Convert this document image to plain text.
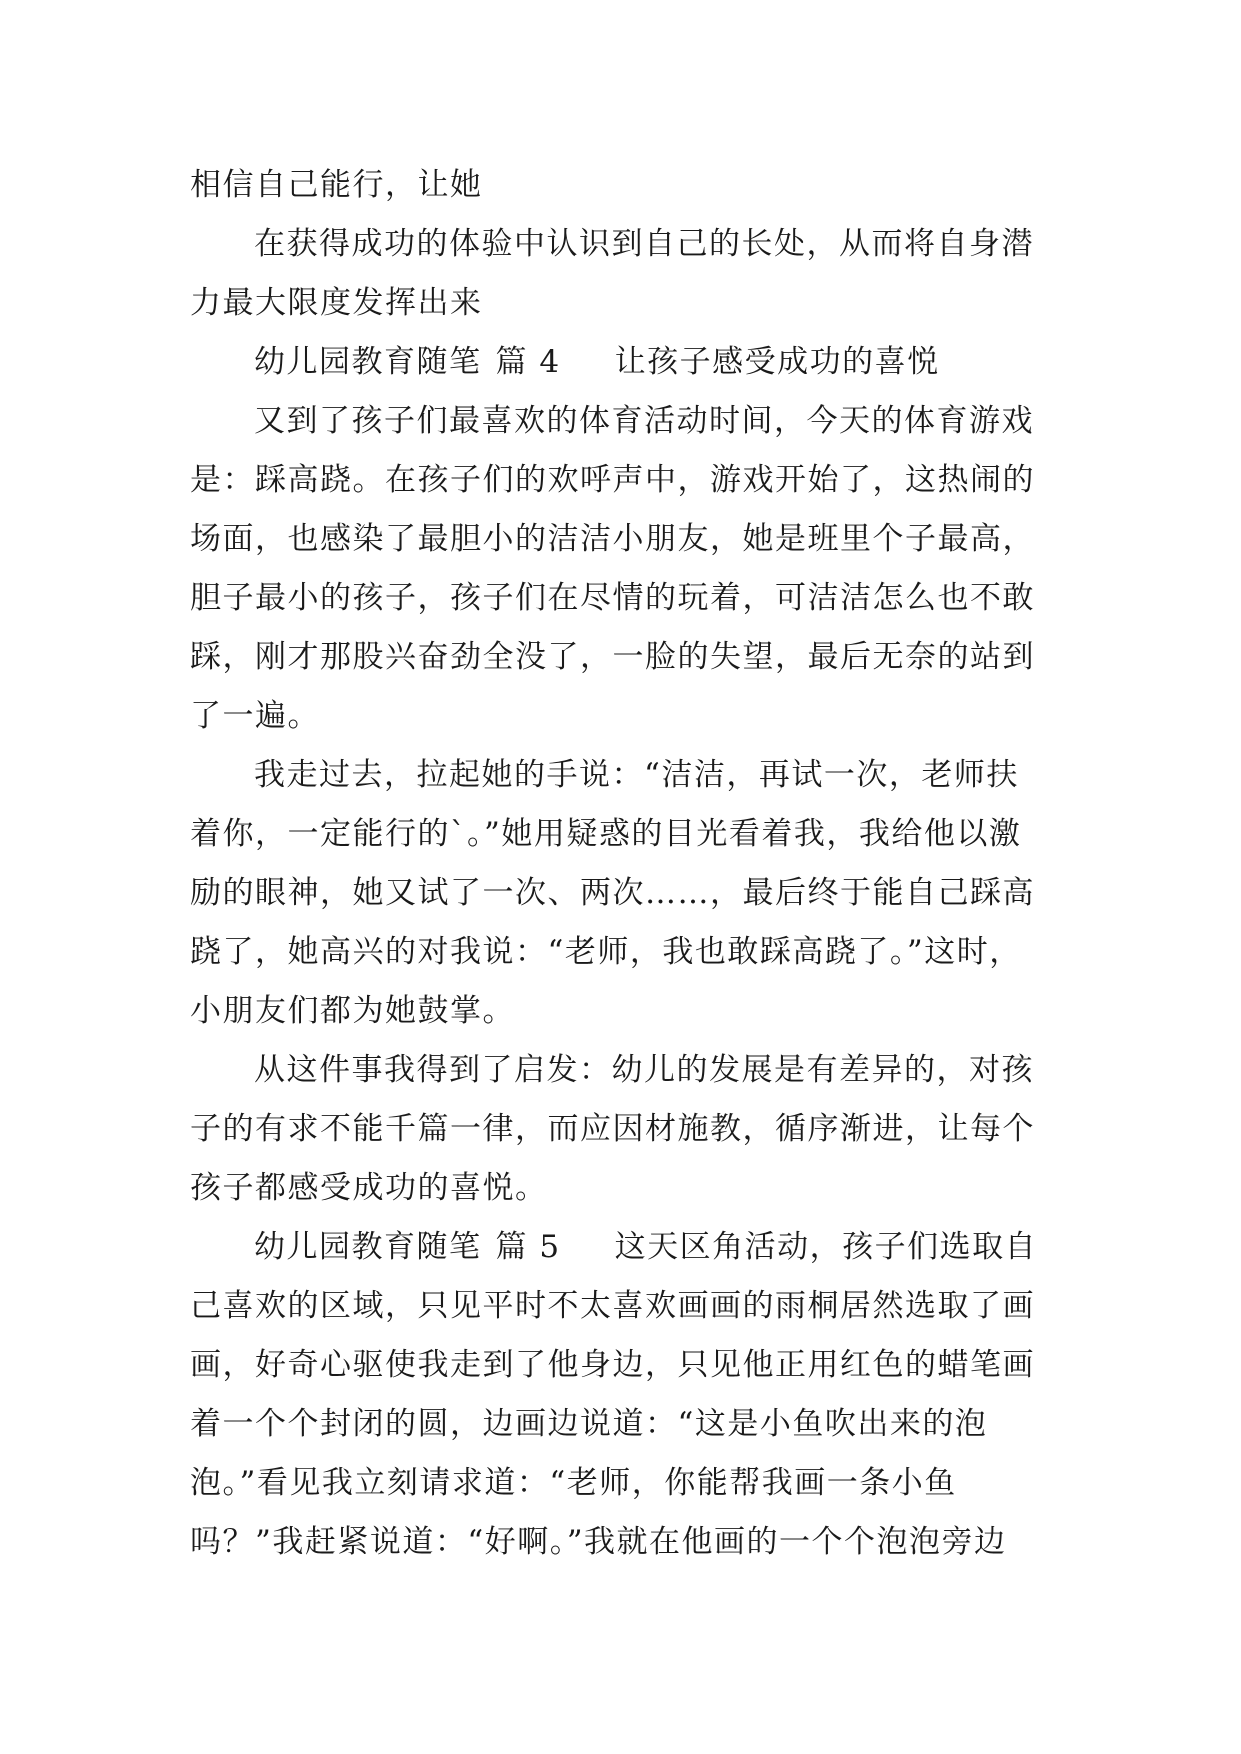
相信自己能行，让她
在获得成功的体验中认识到自己的长处，从而将自身潜
力最大限度发挥出来
幼儿园教育随笔 篇 4 让孩子感受成功的喜悦
又到了孩子们最喜欢的体育活动时间，今天的体育游戏
是：踩高跷。在孩子们的欢呼声中，游戏开始了，这热闹的
场面，也感染了最胆小的洁洁小朋友，她是班里个子最高，
胆子最小的孩子，孩子们在尽情的玩着，可洁洁怎么也不敢
踩，刚才那股兴奋劲全没了，一脸的失望，最后无奈的站到
了一遍。
我走过去，拉起她的手说：“洁洁，再试一次，老师扶
着你，一定能行的`。”她用疑惑的目光看着我，我给他以激
励的眼神，她又试了一次、两次……，最后终于能自己踩高
跷了，她高兴的对我说：“老师，我也敢踩高跷了。”这时，
小朋友们都为她鼓掌。
从这件事我得到了启发：幼儿的发展是有差异的，对孩
子的有求不能千篇一律，而应因材施教，循序渐进，让每个
孩子都感受成功的喜悦。
幼儿园教育随笔 篇 5 这天区角活动，孩子们选取自
己喜欢的区域，只见平时不太喜欢画画的雨桐居然选取了画
画，好奇心驱使我走到了他身边，只见他正用红色的蜡笔画
着一个个封闭的圆，边画边说道：“这是小鱼吹出来的泡
泡。”看见我立刻请求道：“老师，你能帮我画一条小鱼
吗？”我赶紧说道：“好啊。”我就在他画的一个个泡泡旁边
